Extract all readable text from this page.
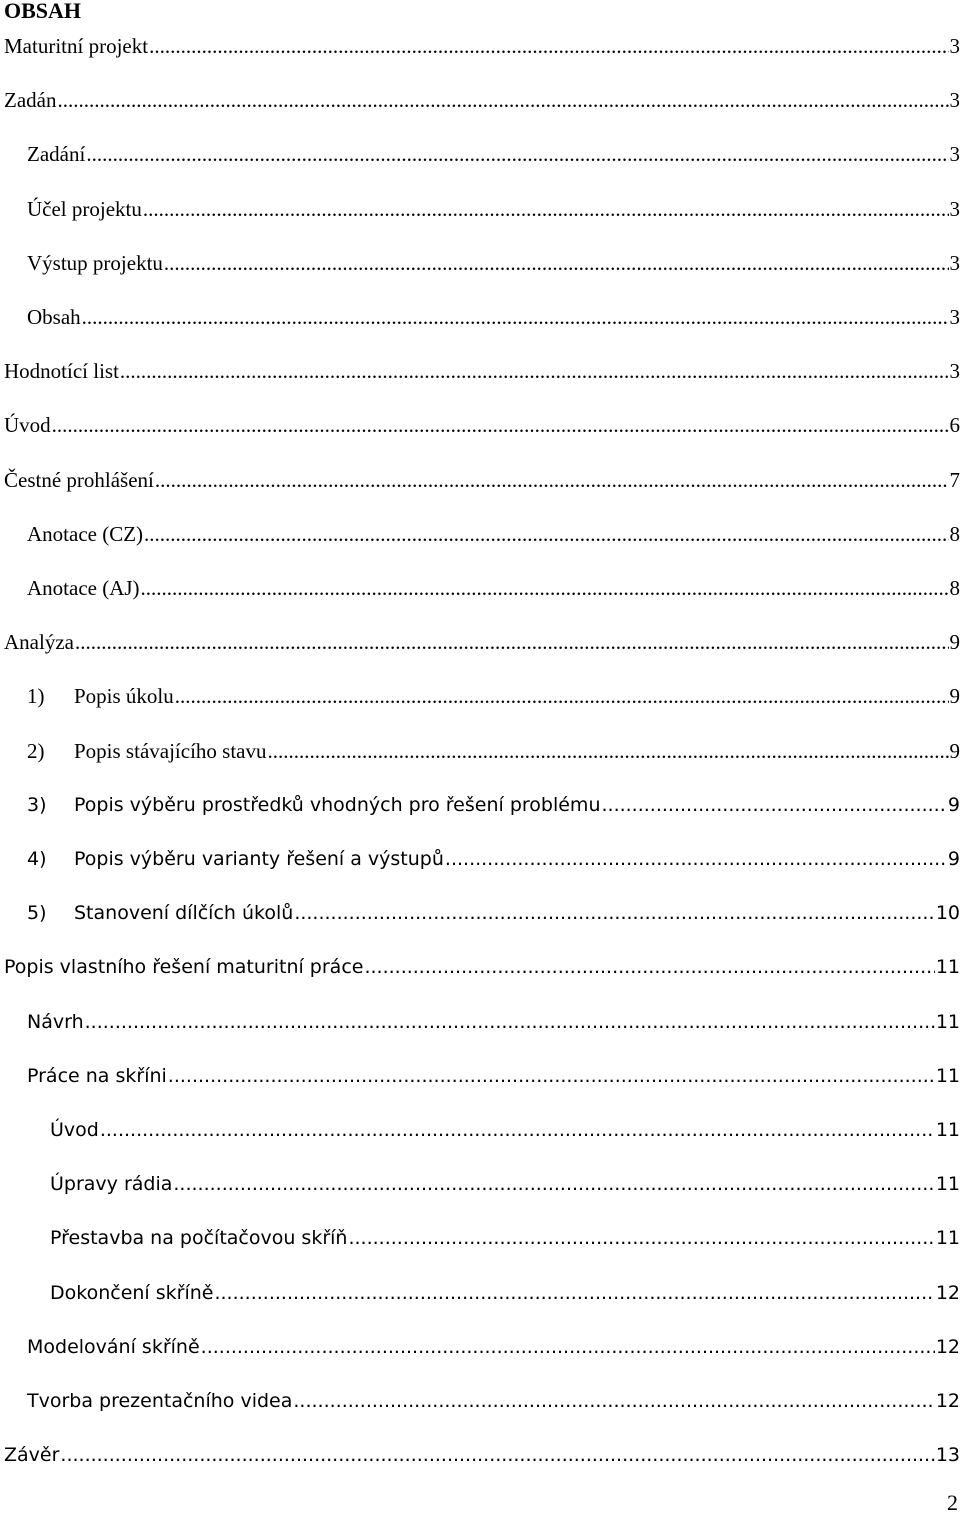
OBSAH
Maturitní projekt .....	3
Zadán .....	3
Zadání .....	3
Účel projektu .....	3
Výstup projektu .....	3
Obsah .....	3
Hodnotící list .....	3
Úvod .....	6
Čestné prohlášení .....	7
Anotace (CZ) .....	8
Anotace (AJ) .....	8
Analýza .....	9
1)	Popis úkolu .....	9
2)	Popis stávajícího stavu .....	9
3)	Popis výběru prostředků vhodných pro řešení problému .....	9
4)	Popis výběru varianty řešení a výstupů .....	9
5)	Stanovení dílčích úkolů .....	10
Popis vlastního řešení maturitní práce .....	11
Návrh .....	11
Práce na skříni .....	11
Úvod .....	11
Úpravy rádia .....	11
Přestavba na počítačovou skříň .....	11
Dokončení skříně .....	12
Modelování skříně .....	12
Tvorba prezentačního videa .....	12
Závěr .....	13
2
